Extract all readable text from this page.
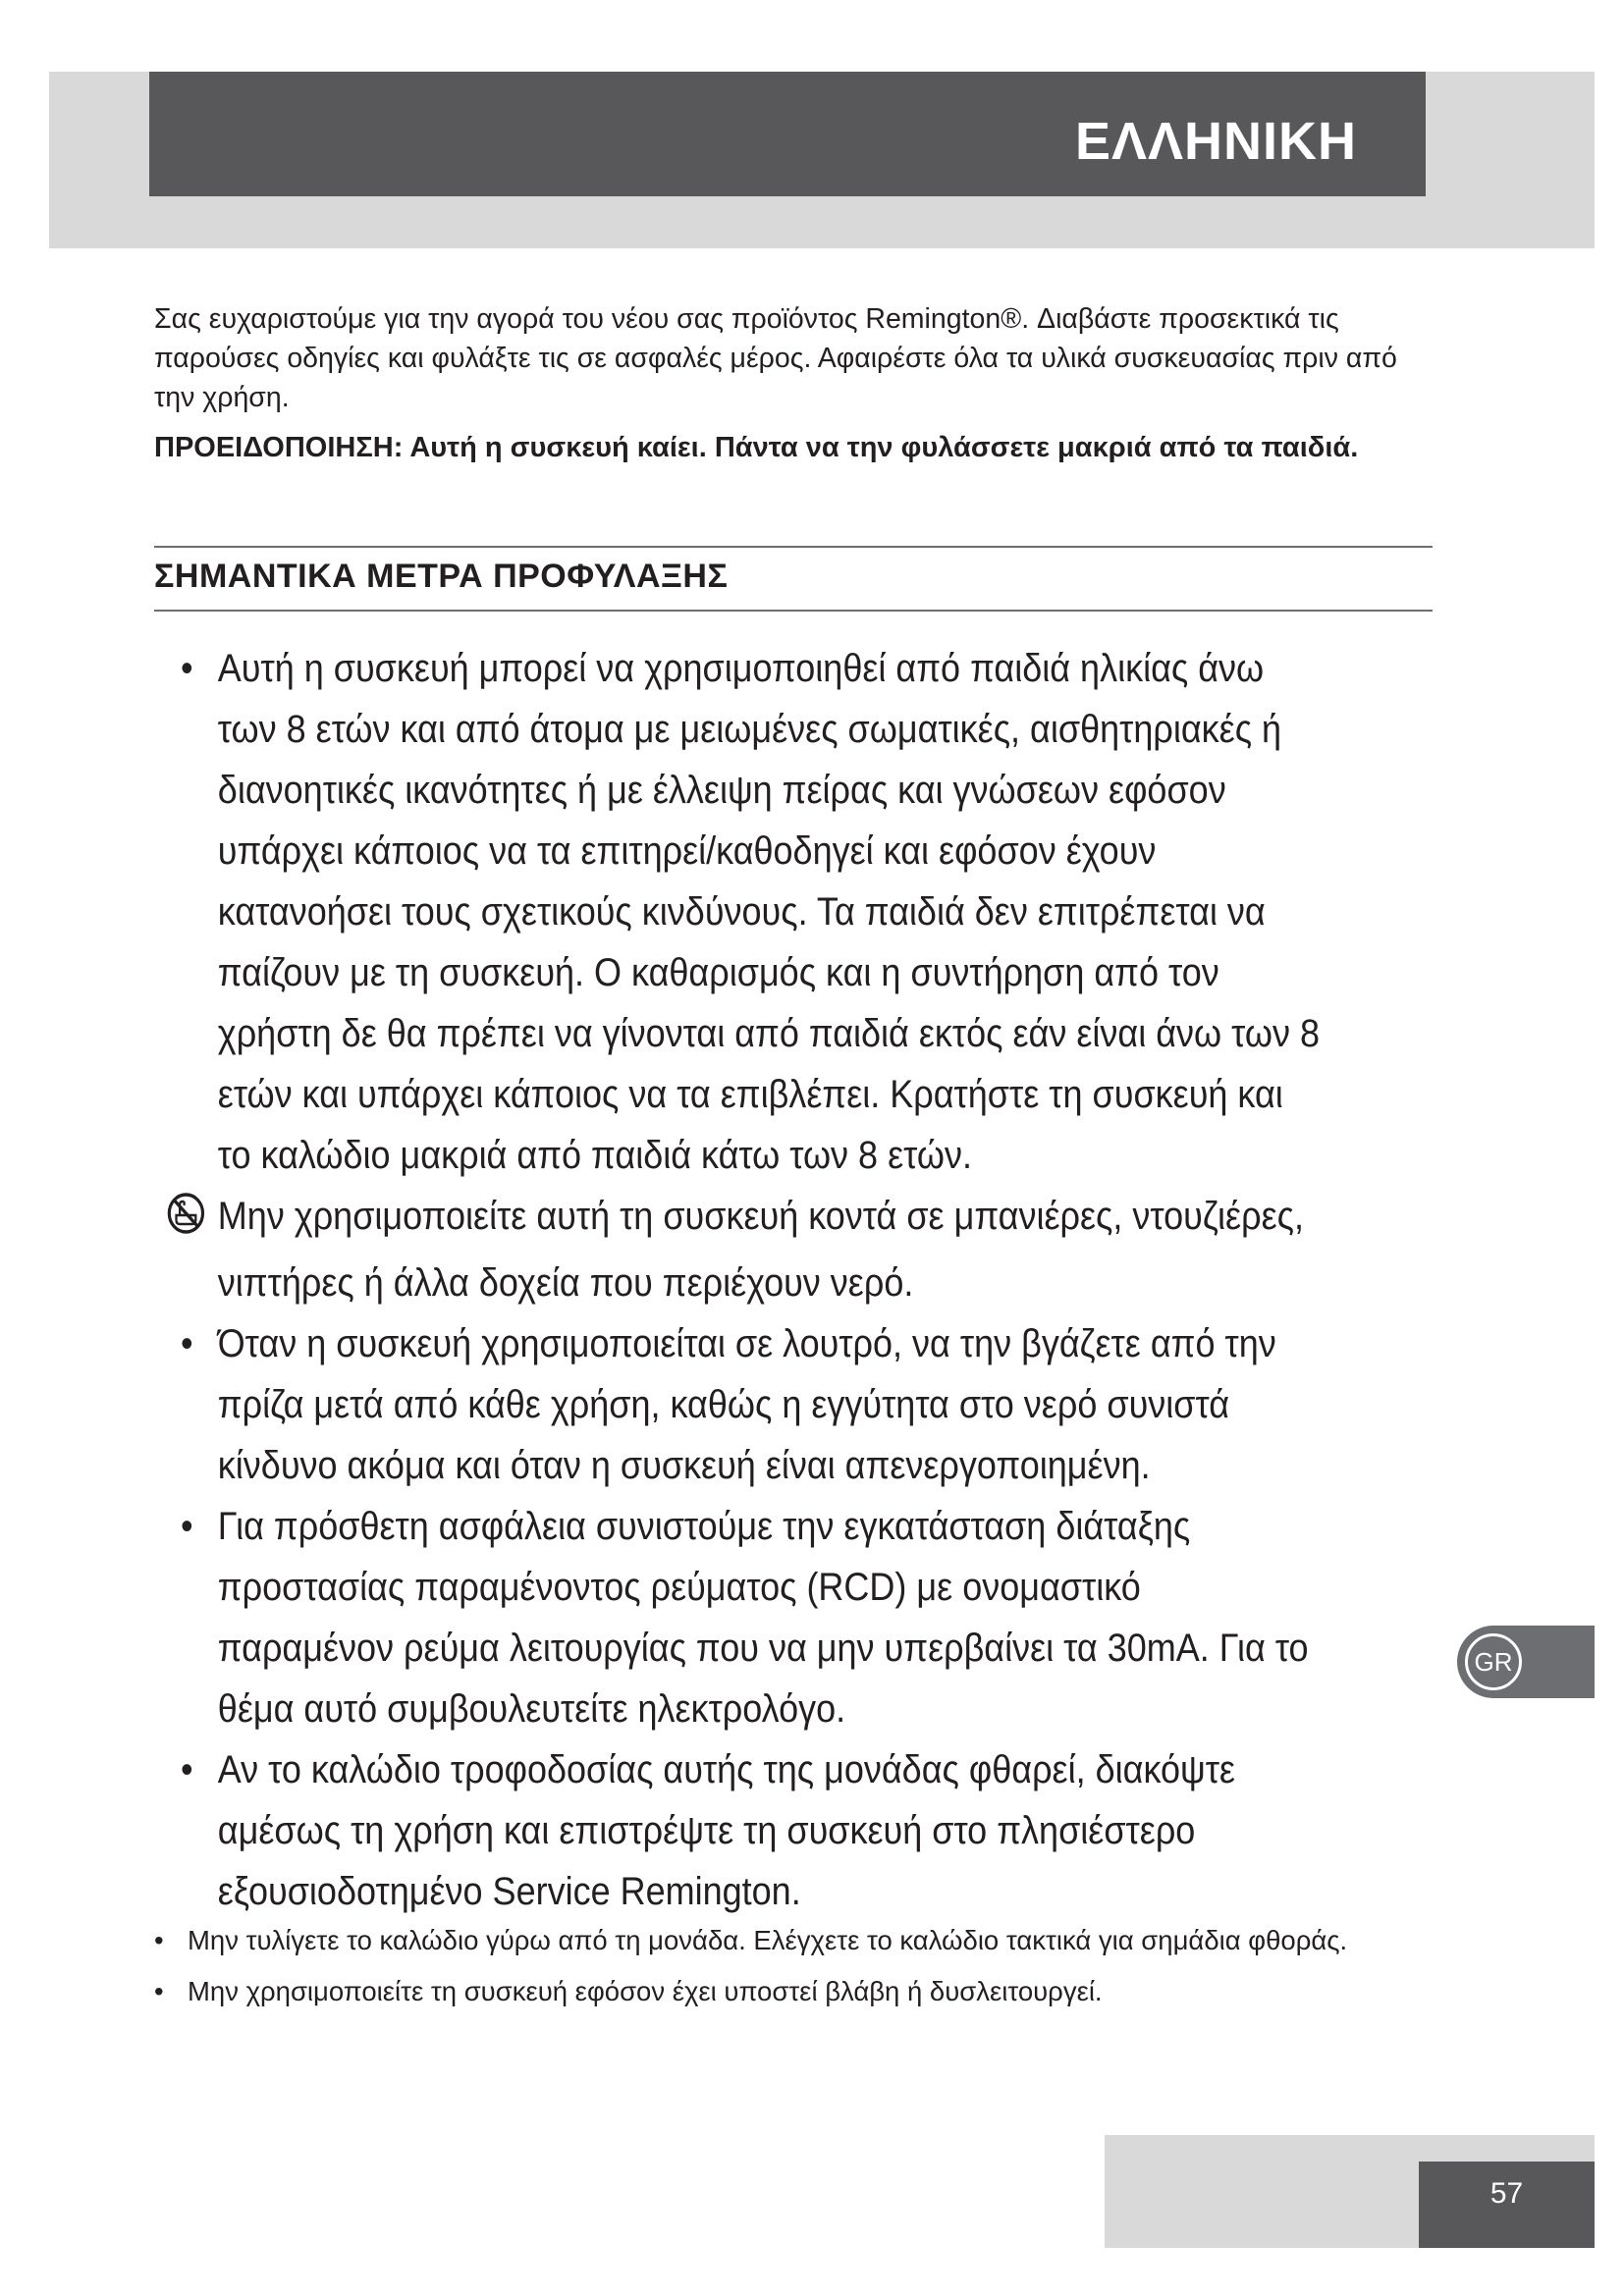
ΕΛΛΗΝΙΚΗ

Σας ευχαριστούμε για την αγορά του νέου σας προϊόντος Remington®. Διαβάστε προσεκτικά τις παρούσες οδηγίες και φυλάξτε τις σε ασφαλές μέρος. Αφαιρέστε όλα τα υλικά συσκευασίας πριν από την χρήση.

ΠΡΟΕΙΔΟΠΟΙΗΣΗ: Αυτή η συσκευή καίει. Πάντα να την φυλάσσετε μακριά από τα παιδιά.

ΣΗΜΑΝΤΙΚΑ ΜΕΤΡΑ ΠΡΟΦΥΛΑΞΗΣ
• Αυτή η συσκευή μπορεί να χρησιμοποιηθεί από παιδιά ηλικίας άνω των 8 ετών και από άτομα με μειωμένες σωματικές, αισθητηριακές ή διανοητικές ικανότητες ή με έλλειψη πείρας και γνώσεων εφόσον υπάρχει κάποιος να τα επιτηρεί/καθοδηγεί και εφόσον έχουν κατανοήσει τους σχετικούς κινδύνους. Τα παιδιά δεν επιτρέπεται να παίζουν με τη συσκευή. Ο καθαρισμός και η συντήρηση από τον χρήστη δε θα πρέπει να γίνονται από παιδιά εκτός εάν είναι άνω των 8 ετών και υπάρχει κάποιος να τα επιβλέπει. Κρατήστε τη συσκευή και το καλώδιο μακριά από παιδιά κάτω των 8 ετών.
Μην χρησιμοποιείτε αυτή τη συσκευή κοντά σε μπανιέρες, ντουζιέρες, νιπτήρες ή άλλα δοχεία που περιέχουν νερό.
• Όταν η συσκευή χρησιμοποιείται σε λουτρό, να την βγάζετε από την πρίζα μετά από κάθε χρήση, καθώς η εγγύτητα στο νερό συνιστά κίνδυνο ακόμα και όταν η συσκευή είναι απενεργοποιημένη.
• Για πρόσθετη ασφάλεια συνιστούμε την εγκατάσταση διάταξης προστασίας παραμένοντος ρεύματος (RCD) με ονομαστικό παραμένον ρεύμα λειτουργίας που να μην υπερβαίνει τα 30mA. Για το θέμα αυτό συμβουλευτείτε ηλεκτρολόγο.
• Αν το καλώδιο τροφοδοσίας αυτής της μονάδας φθαρεί, διακόψτε αμέσως τη χρήση και επιστρέψτε τη συσκευή στο πλησιέστερο εξουσιοδοτημένο Service Remington.
• Μην τυλίγετε το καλώδιο γύρω από τη μονάδα. Ελέγχετε το καλώδιο τακτικά για σημάδια φθοράς.
• Μην χρησιμοποιείτε τη συσκευή εφόσον έχει υποστεί βλάβη ή δυσλειτουργεί.
GR

57
